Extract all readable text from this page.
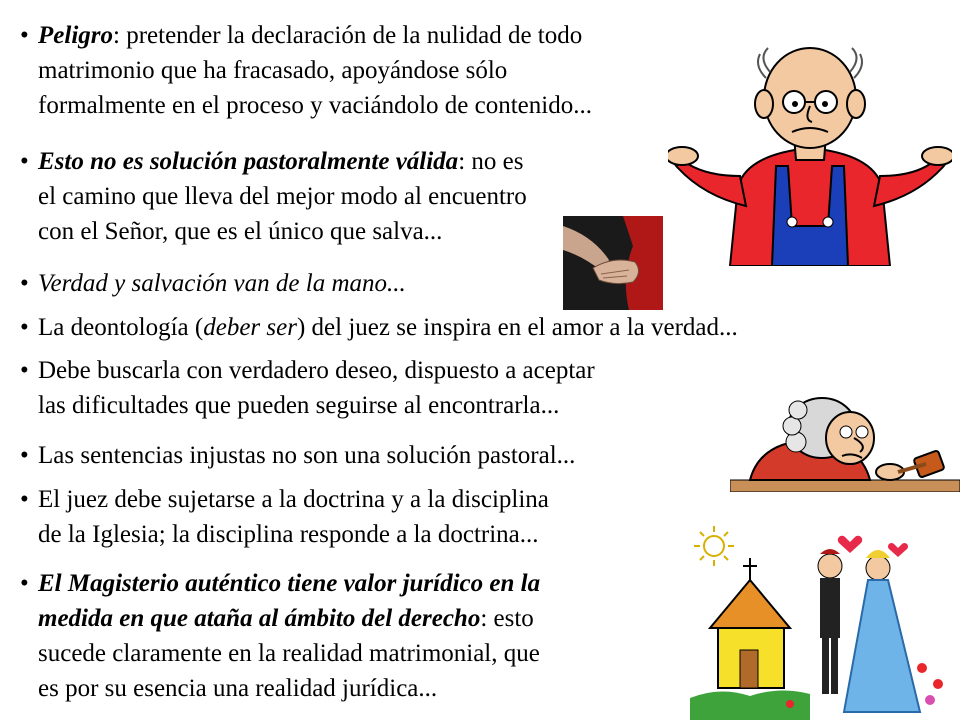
• Peligro: pretender la declaración de la nulidad de todo
matrimonio que ha fracasado, apoyándose sólo
formalmente en el proceso y vaciándolo de contenido...
• Esto no es solución pastoralmente válida: no es
el camino que lleva del mejor modo al encuentro
con el Señor, que es el único que salva...
• Verdad y salvación van de la mano...
• La deontología (deber ser) del juez se inspira en el amor a la verdad...
• Debe buscarla con verdadero deseo, dispuesto a aceptar
las dificultades que pueden seguirse al encontrarla...
• Las sentencias injustas no son una solución pastoral...
• El juez debe sujetarse a la doctrina y a la disciplina
de la Iglesia; la disciplina responde a la doctrina...
• El Magisterio auténtico tiene valor jurídico en la
medida en que ataña al ámbito del derecho: esto
sucede claramente en la realidad matrimonial, que
es por su esencia una realidad jurídica...
